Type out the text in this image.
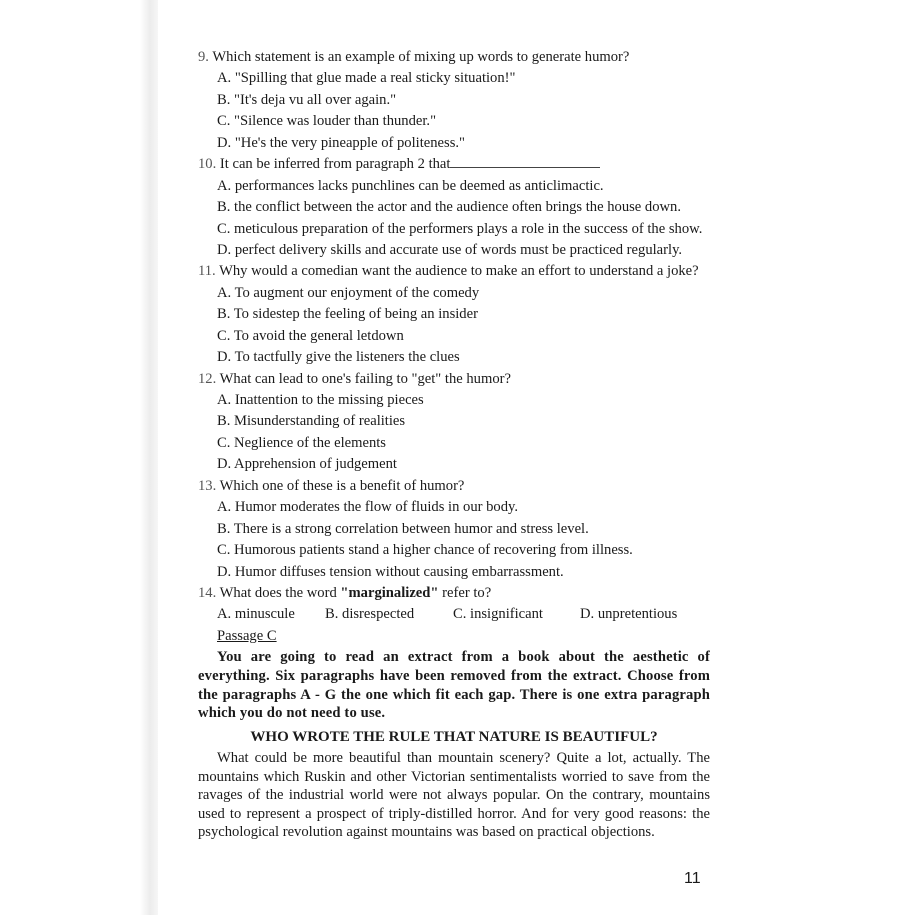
9. Which statement is an example of mixing up words to generate humor?
A. "Spilling that glue made a real sticky situation!"
B. "It's deja vu all over again."
C. "Silence was louder than thunder."
D. "He's the very pineapple of politeness."
10. It can be inferred from paragraph 2 that
A. performances lacks punchlines can be deemed as anticlimactic.
B. the conflict between the actor and the audience often brings the house down.
C. meticulous preparation of the performers plays a role in the success of the show.
D. perfect delivery skills and accurate use of words must be practiced regularly.
11. Why would a comedian want the audience to make an effort to understand a joke?
A. To augment our enjoyment of the comedy
B. To sidestep the feeling of being an insider
C. To avoid the general letdown
D. To tactfully give the listeners the clues
12. What can lead to one's failing to "get" the humor?
A. Inattention to the missing pieces
B. Misunderstanding of realities
C. Neglience of the elements
D. Apprehension of judgement
13. Which one of these is a benefit of humor?
A. Humor moderates the flow of fluids in our body.
B. There is a strong correlation between humor and stress level.
C. Humorous patients stand a higher chance of recovering from illness.
D. Humor diffuses tension without causing embarrassment.
14. What does the word "marginalized" refer to?
A. minuscule	B. disrespected	C. insignificant	D. unpretentious
Passage C
You are going to read an extract from a book about the aesthetic of everything. Six paragraphs have been removed from the extract. Choose from the paragraphs A - G the one which fit each gap. There is one extra paragraph which you do not need to use.
WHO WROTE THE RULE THAT NATURE IS BEAUTIFUL?
What could be more beautiful than mountain scenery? Quite a lot, actually. The mountains which Ruskin and other Victorian sentimentalists worried to save from the ravages of the industrial world were not always popular. On the contrary, mountains used to represent a prospect of triply-distilled horror. And for very good reasons: the psychological revolution against mountains was based on practical objections.
11
